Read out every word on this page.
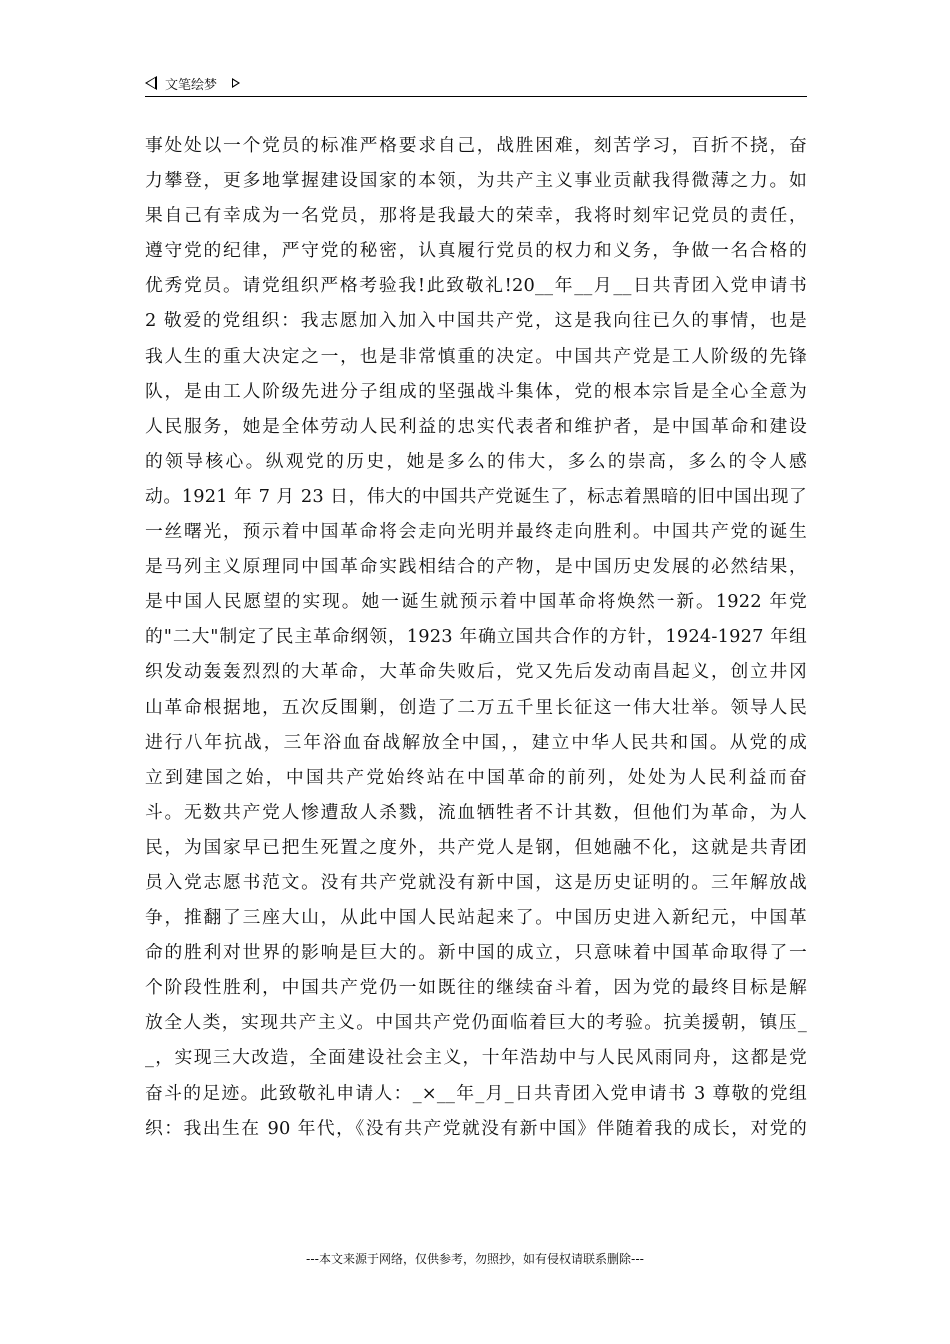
文笔绘梦
事处处以一个党员的标准严格要求自己，战胜困难，刻苦学习，百折不挠，奋
力攀登，更多地掌握建设国家的本领，为共产主义事业贡献我得微薄之力。如
果自己有幸成为一名党员，那将是我最大的荣幸，我将时刻牢记党员的责任，
遵守党的纪律，严守党的秘密，认真履行党员的权力和义务，争做一名合格的
优秀党员。请党组织严格考验我!此致敬礼!20__年__月__日共青团入党申请书
2 敬爱的党组织：我志愿加入加入中国共产党，这是我向往已久的事情，也是
我人生的重大决定之一，也是非常慎重的决定。中国共产党是工人阶级的先锋
队，是由工人阶级先进分子组成的坚强战斗集体，党的根本宗旨是全心全意为
人民服务，她是全体劳动人民利益的忠实代表者和维护者，是中国革命和建设
的领导核心。纵观党的历史，她是多么的伟大，多么的崇高，多么的令人感
动。1921 年 7 月 23 日，伟大的中国共产党诞生了，标志着黑暗的旧中国出现了
一丝曙光，预示着中国革命将会走向光明并最终走向胜利。中国共产党的诞生
是马列主义原理同中国革命实践相结合的产物，是中国历史发展的必然结果，
是中国人民愿望的实现。她一诞生就预示着中国革命将焕然一新。1922 年党
的"二大"制定了民主革命纲领，1923 年确立国共合作的方针，1924-1927 年组
织发动轰轰烈烈的大革命，大革命失败后，党又先后发动南昌起义，创立井冈
山革命根据地，五次反围剿，创造了二万五千里长征这一伟大壮举。领导人民
进行八年抗战，三年浴血奋战解放全中国，，建立中华人民共和国。从党的成
立到建国之始，中国共产党始终站在中国革命的前列，处处为人民利益而奋
斗。无数共产党人惨遭敌人杀戮，流血牺牲者不计其数，但他们为革命，为人
民，为国家早已把生死置之度外，共产党人是钢，但她融不化，这就是共青团
员入党志愿书范文。没有共产党就没有新中国，这是历史证明的。三年解放战
争，推翻了三座大山，从此中国人民站起来了。中国历史进入新纪元，中国革
命的胜利对世界的影响是巨大的。新中国的成立，只意味着中国革命取得了一
个阶段性胜利，中国共产党仍一如既往的继续奋斗着，因为党的最终目标是解
放全人类，实现共产主义。中国共产党仍面临着巨大的考验。抗美援朝，镇压_
_，实现三大改造，全面建设社会主义，十年浩劫中与人民风雨同舟，这都是党
奋斗的足迹。此致敬礼申请人：_×__年_月_日共青团入党申请书 3 尊敬的党组
织：我出生在 90 年代，《没有共产党就没有新中国》伴随着我的成长，对党的
---本文来源于网络，仅供参考，勿照抄，如有侵权请联系删除---
